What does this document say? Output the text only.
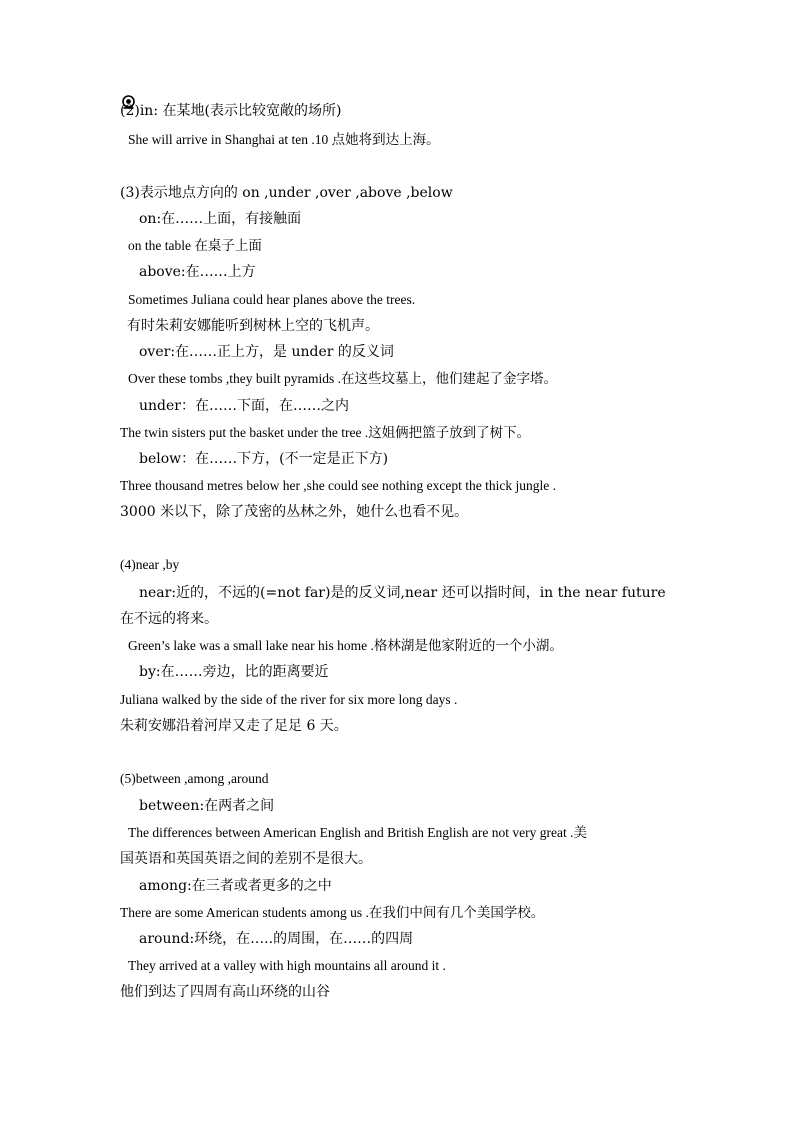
(2)in: 在某地(表示比较宽敞的场所)
She will arrive in Shanghai at ten .10 点她将到达上海。
(3)表示地点方向的 on ,under ,over ,above ,below
on:在……上面，有接触面
on the table 在桌子上面
above:在……上方
Sometimes Juliana could hear planes above the trees.
有时朱莉安娜能听到树林上空的飞机声。
over:在……正上方，是 under 的反义词
Over these tombs ,they built pyramids .在这些坟墓上，他们建起了金字塔。
under：在……下面，在……之内
The twin sisters put the basket under the tree .这姐俩把篮子放到了树下。
below：在……下方，(不一定是正下方)
Three thousand metres below her ,she could see nothing except the thick jungle .
3000 米以下，除了茂密的丛林之外，她什么也看不见。
(4)near ,by
near:近的，不远的(=not far)是的反义词,near 还可以指时间，in the near future
在不远的将来。
Green’s lake was a small lake near his home .格林湖是他家附近的一个小湖。
by:在……旁边，比的距离要近
Juliana walked by the side of the river for six more long days .
朱莉安娜沿着河岸又走了足足 6 天。
(5)between ,among ,around
between:在两者之间
The differences between American English and British English are not very great .美
国英语和英国英语之间的差别不是很大。
among:在三者或者更多的之中
There are some American students among us .在我们中间有几个美国学校。
around:环绕，在…..的周围，在……的四周
They arrived at a valley with high mountains all around it .
他们到达了四周有高山环绕的山谷
